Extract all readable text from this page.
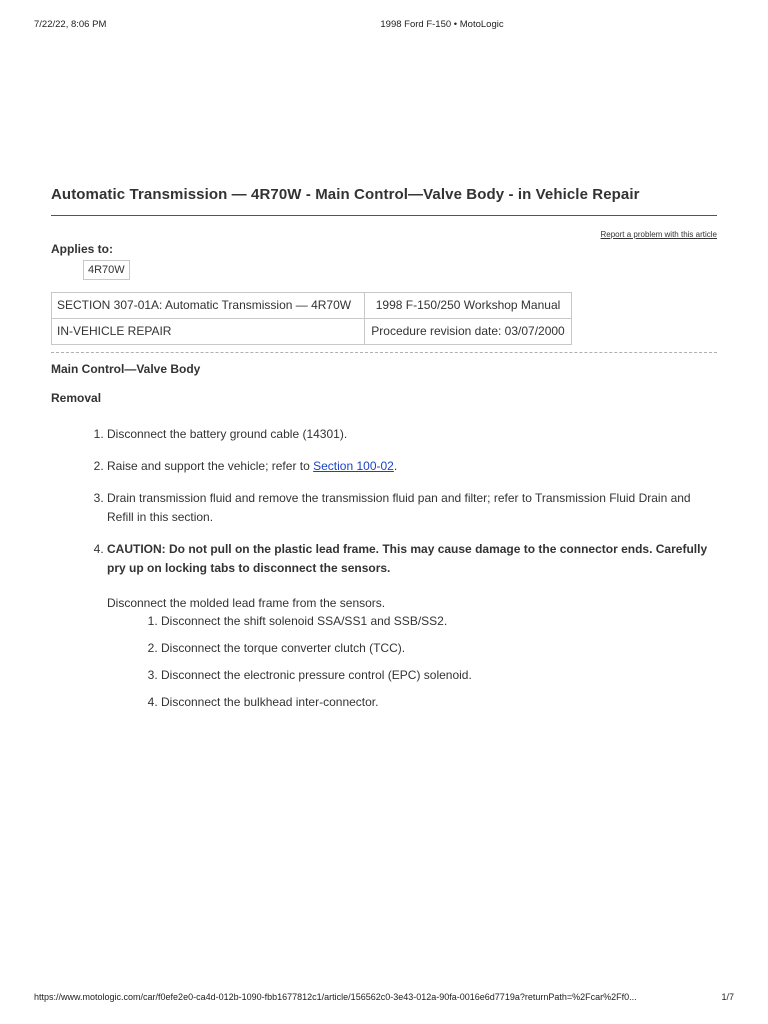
7/22/22, 8:06 PM	1998 Ford F-150 • MotoLogic
Automatic Transmission — 4R70W - Main Control—Valve Body - in Vehicle Repair
Report a problem with this article
Applies to:
4R70W
SECTION 307-01A: Automatic Transmission — 4R70W	1998 F-150/250 Workshop Manual
IN-VEHICLE REPAIR	Procedure revision date: 03/07/2000
Main Control—Valve Body
Removal
1. Disconnect the battery ground cable (14301).
2. Raise and support the vehicle; refer to Section 100-02.
3. Drain transmission fluid and remove the transmission fluid pan and filter; refer to Transmission Fluid Drain and Refill in this section.
4. CAUTION: Do not pull on the plastic lead frame. This may cause damage to the connector ends. Carefully pry up on locking tabs to disconnect the sensors.
Disconnect the molded lead frame from the sensors.
1. Disconnect the shift solenoid SSA/SS1 and SSB/SS2.
2. Disconnect the torque converter clutch (TCC).
3. Disconnect the electronic pressure control (EPC) solenoid.
4. Disconnect the bulkhead inter-connector.
https://www.motologic.com/car/f0efe2e0-ca4d-012b-1090-fbb1677812c1/article/156562c0-3e43-012a-90fa-0016e6d7719a?returnPath=%2Fcar%2Ff0...	1/7
